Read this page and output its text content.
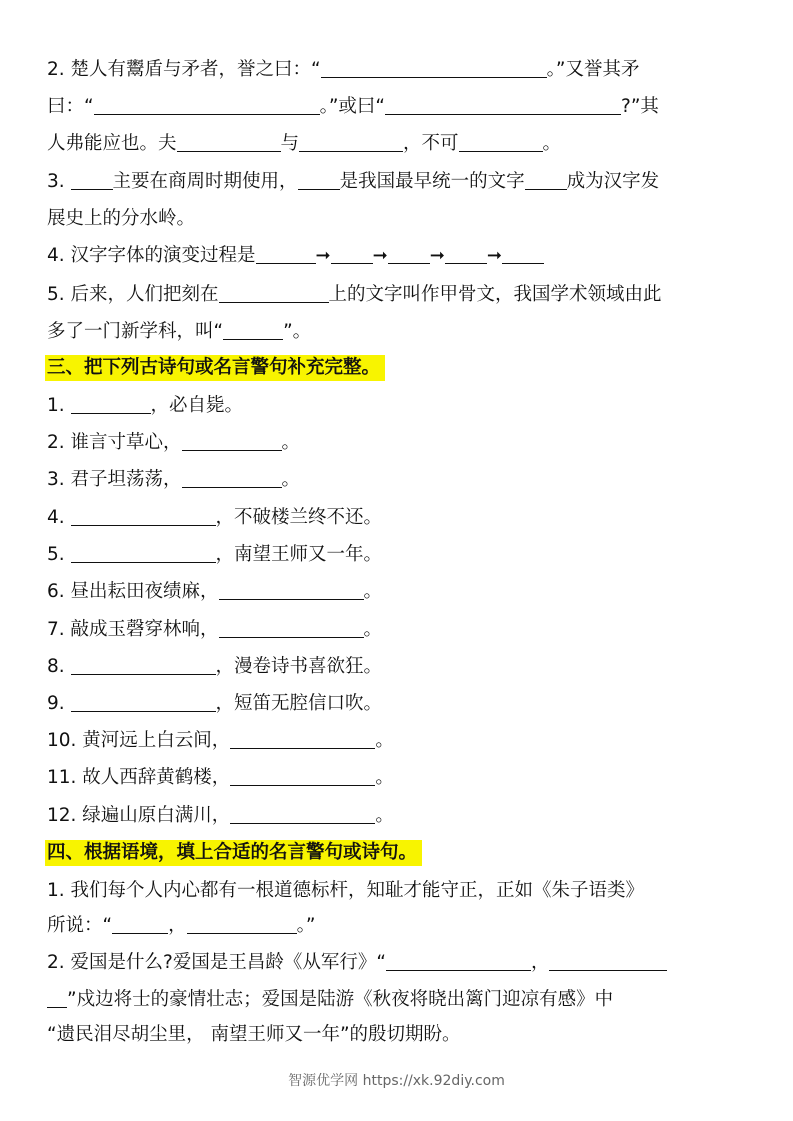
2. 楚人有鬻盾与矛者，誉之曰：“	。”又誉其矛
曰：“	。”或曰“	?”其
人弗能应也。夫	与	，不可	。
3. 主要在商周时期使用， 是我国最早统一的文字 成为汉字发
展史上的分水岭。
4. 汉字字体的演变过程是	➞ ➞ ➞ ➞
5. 后来，人们把刻在	上的文字叫作甲骨文，我国学术领域由此
多了一门新学科，叫“	”。
三、把下列古诗句或名言警句补充完整。
1.	，必自毙。
2. 谁言寸草心，	。
3. 君子坦荡荡，	。
4.	，不破楼兰终不还。
5.	，南望王师又一年。
6. 昼出耘田夜绩麻，	。
7. 敲成玉磬穿林响，	。
8.	，漫卷诗书喜欲狂。
9.	，短笛无腔信口吹。
10. 黄河远上白云间，	。
11. 故人西辞黄鹤楼，	。
12. 绿遍山原白满川，	。
四、根据语境，填上合适的名言警句或诗句。
1. 我们每个人内心都有一根道德标杆，知耻才能守正，正如《朱子语类》
所说：“	，	。”
2. 爱国是什么?爱国是王昌龄《从军行》“	，
”戍边将士的豪情壮志；爱国是陆游《秋夜将晓出篱门迎凉有感》中
“遗民泪尽胡尘里， 南望王师又一年”的殷切期盼。
智源优学网 https://xk.92diy.com
